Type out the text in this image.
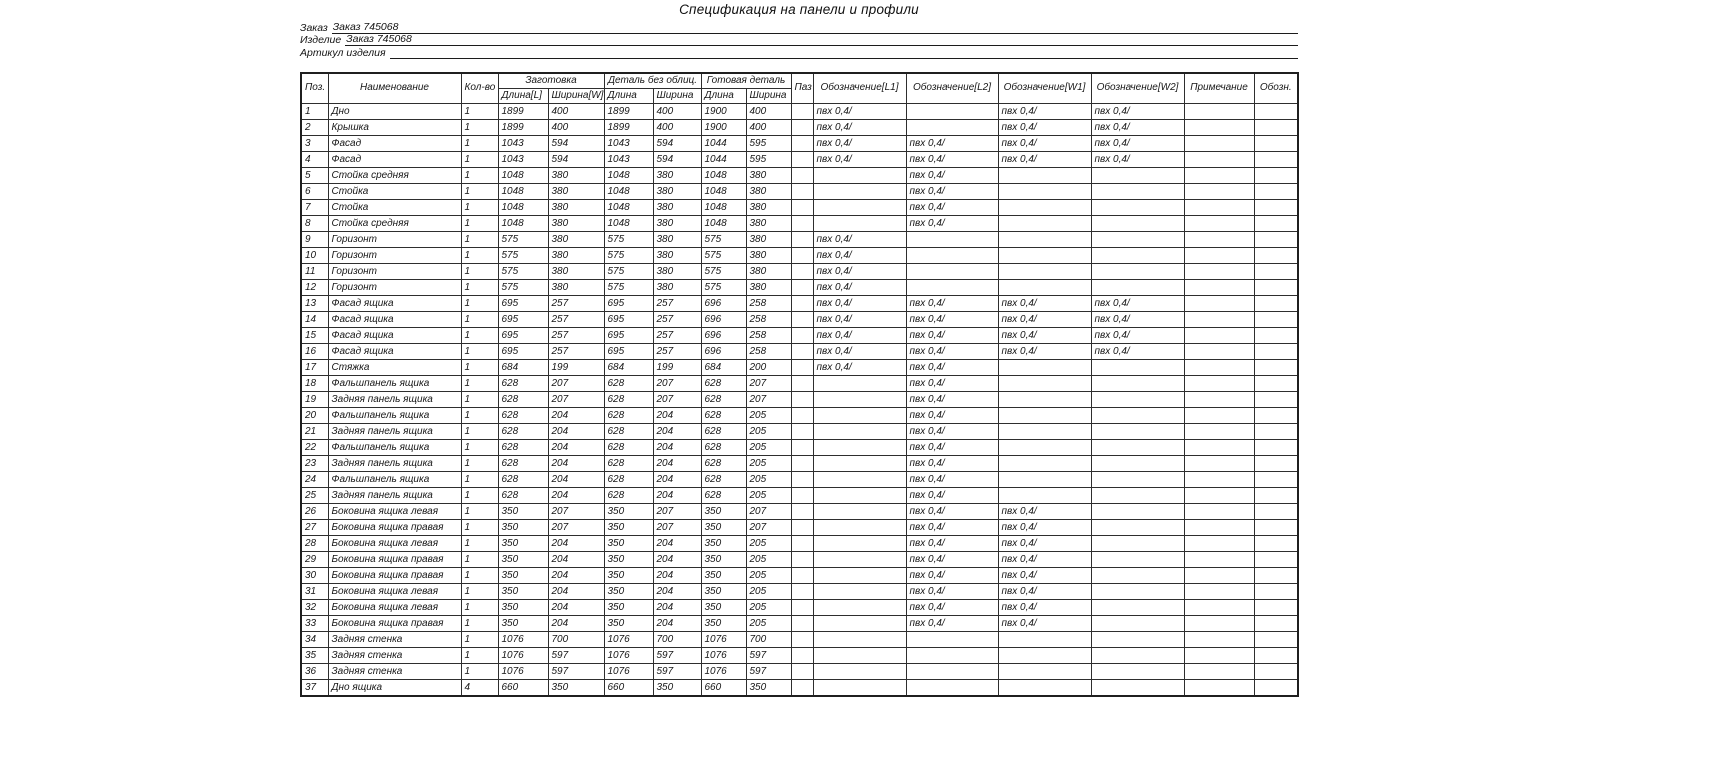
Спецификация на панели и профили
Заказ Заказ 745068
Изделие Заказ 745068
Артикул изделия
Поз.	Наименование	Кол-во	Заготовка		Деталь без облиц.		Готовая деталь		Паз	Обозначение[L1]	Обозначение[L2]	Обозначение[W1]	Обозначение[W2]	Примечание	Обозн.
			Длина[L]	Ширина[W]	Длина	Ширина	Длина	Ширина							
1	Дно	1	1899	400	1899	400	1900	400		пвх 0,4/		пвх 0,4/	пвх 0,4/		
2	Крышка	1	1899	400	1899	400	1900	400		пвх 0,4/		пвх 0,4/	пвх 0,4/		
3	Фасад	1	1043	594	1043	594	1044	595		пвх 0,4/	пвх 0,4/	пвх 0,4/	пвх 0,4/		
4	Фасад	1	1043	594	1043	594	1044	595		пвх 0,4/	пвх 0,4/	пвх 0,4/	пвх 0,4/		
5	Стойка средняя	1	1048	380	1048	380	1048	380			пвх 0,4/				
6	Стойка	1	1048	380	1048	380	1048	380			пвх 0,4/				
7	Стойка	1	1048	380	1048	380	1048	380			пвх 0,4/				
8	Стойка средняя	1	1048	380	1048	380	1048	380			пвх 0,4/				
9	Горизонт	1	575	380	575	380	575	380		пвх 0,4/					
10	Горизонт	1	575	380	575	380	575	380		пвх 0,4/					
11	Горизонт	1	575	380	575	380	575	380		пвх 0,4/					
12	Горизонт	1	575	380	575	380	575	380		пвх 0,4/					
13	Фасад ящика	1	695	257	695	257	696	258		пвх 0,4/	пвх 0,4/	пвх 0,4/	пвх 0,4/		
14	Фасад ящика	1	695	257	695	257	696	258		пвх 0,4/	пвх 0,4/	пвх 0,4/	пвх 0,4/		
15	Фасад ящика	1	695	257	695	257	696	258		пвх 0,4/	пвх 0,4/	пвх 0,4/	пвх 0,4/		
16	Фасад ящика	1	695	257	695	257	696	258		пвх 0,4/	пвх 0,4/	пвх 0,4/	пвх 0,4/		
17	Стяжка	1	684	199	684	199	684	200		пвх 0,4/	пвх 0,4/				
18	Фальшпанель ящика	1	628	207	628	207	628	207			пвх 0,4/				
19	Задняя панель ящика	1	628	207	628	207	628	207			пвх 0,4/				
20	Фальшпанель ящика	1	628	204	628	204	628	205			пвх 0,4/				
21	Задняя панель ящика	1	628	204	628	204	628	205			пвх 0,4/				
22	Фальшпанель ящика	1	628	204	628	204	628	205			пвх 0,4/				
23	Задняя панель ящика	1	628	204	628	204	628	205			пвх 0,4/				
24	Фальшпанель ящика	1	628	204	628	204	628	205			пвх 0,4/				
25	Задняя панель ящика	1	628	204	628	204	628	205			пвх 0,4/				
26	Боковина ящика левая	1	350	207	350	207	350	207			пвх 0,4/	пвх 0,4/			
27	Боковина ящика правая	1	350	207	350	207	350	207			пвх 0,4/	пвх 0,4/			
28	Боковина ящика левая	1	350	204	350	204	350	205			пвх 0,4/	пвх 0,4/			
29	Боковина ящика правая	1	350	204	350	204	350	205			пвх 0,4/	пвх 0,4/			
30	Боковина ящика правая	1	350	204	350	204	350	205			пвх 0,4/	пвх 0,4/			
31	Боковина ящика левая	1	350	204	350	204	350	205			пвх 0,4/	пвх 0,4/			
32	Боковина ящика левая	1	350	204	350	204	350	205			пвх 0,4/	пвх 0,4/			
33	Боковина ящика правая	1	350	204	350	204	350	205			пвх 0,4/	пвх 0,4/			
34	Задняя стенка	1	1076	700	1076	700	1076	700							
35	Задняя стенка	1	1076	597	1076	597	1076	597							
36	Задняя стенка	1	1076	597	1076	597	1076	597							
37	Дно ящика	4	660	350	660	350	660	350							
